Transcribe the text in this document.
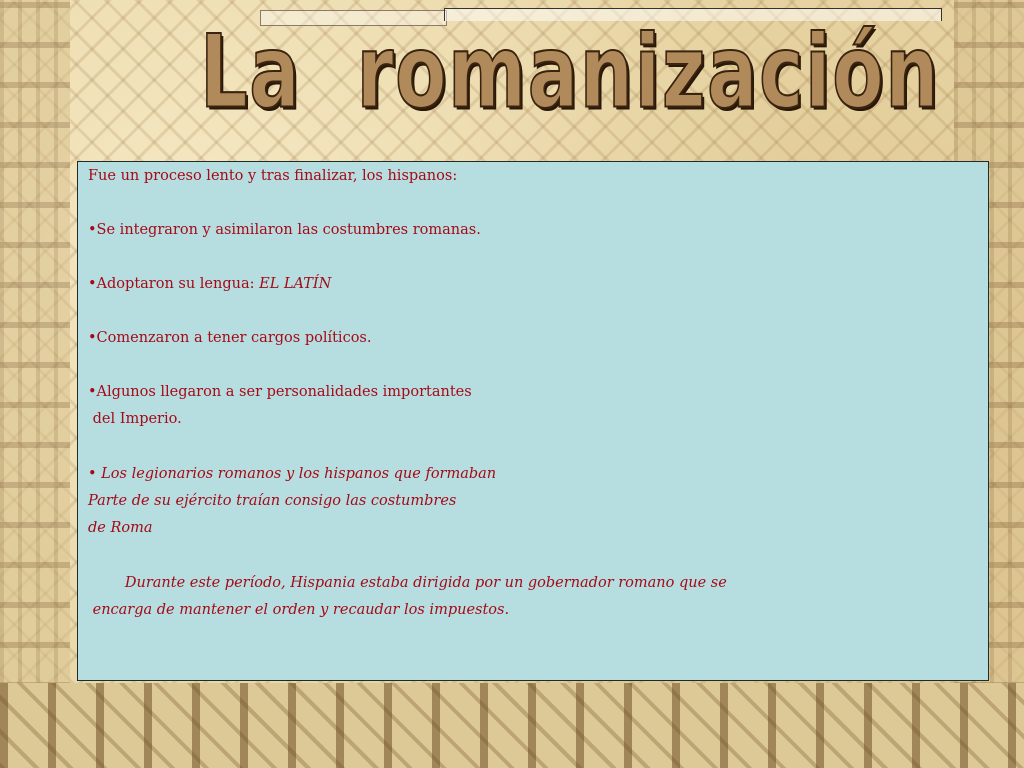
La  romanización
Fue un proceso lento y tras finalizar, los hispanos:
•Se integraron y asimilaron las costumbres romanas.
•Adoptaron su lengua: EL LATÍN
•Comenzaron a tener cargos políticos.
•Algunos llegaron a ser personalidades importantes
del Imperio.
• Los legionarios romanos y los hispanos que formaban
Parte de su ejército traían consigo las costumbres
de Roma
Durante este período, Hispania estaba dirigida por un gobernador romano que se
encarga de mantener el orden y recaudar los impuestos.
